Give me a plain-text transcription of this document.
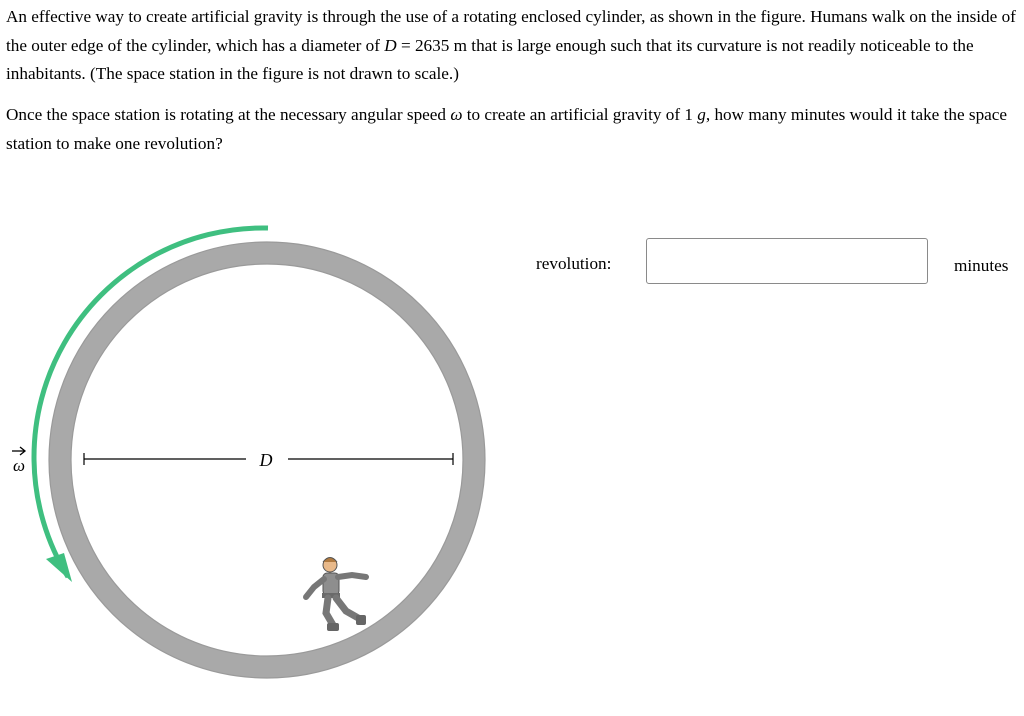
An effective way to create artificial gravity is through the use of a rotating enclosed cylinder, as shown in the figure. Humans walk on the inside of the outer edge of the cylinder, which has a diameter of D = 2635 m that is large enough such that its curvature is not readily noticeable to the inhabitants. (The space station in the figure is not drawn to scale.)

Once the space station is rotating at the necessary angular speed ω to create an artificial gravity of 1 g, how many minutes would it take the space station to make one revolution?

D
ω
revolution:	minutes
